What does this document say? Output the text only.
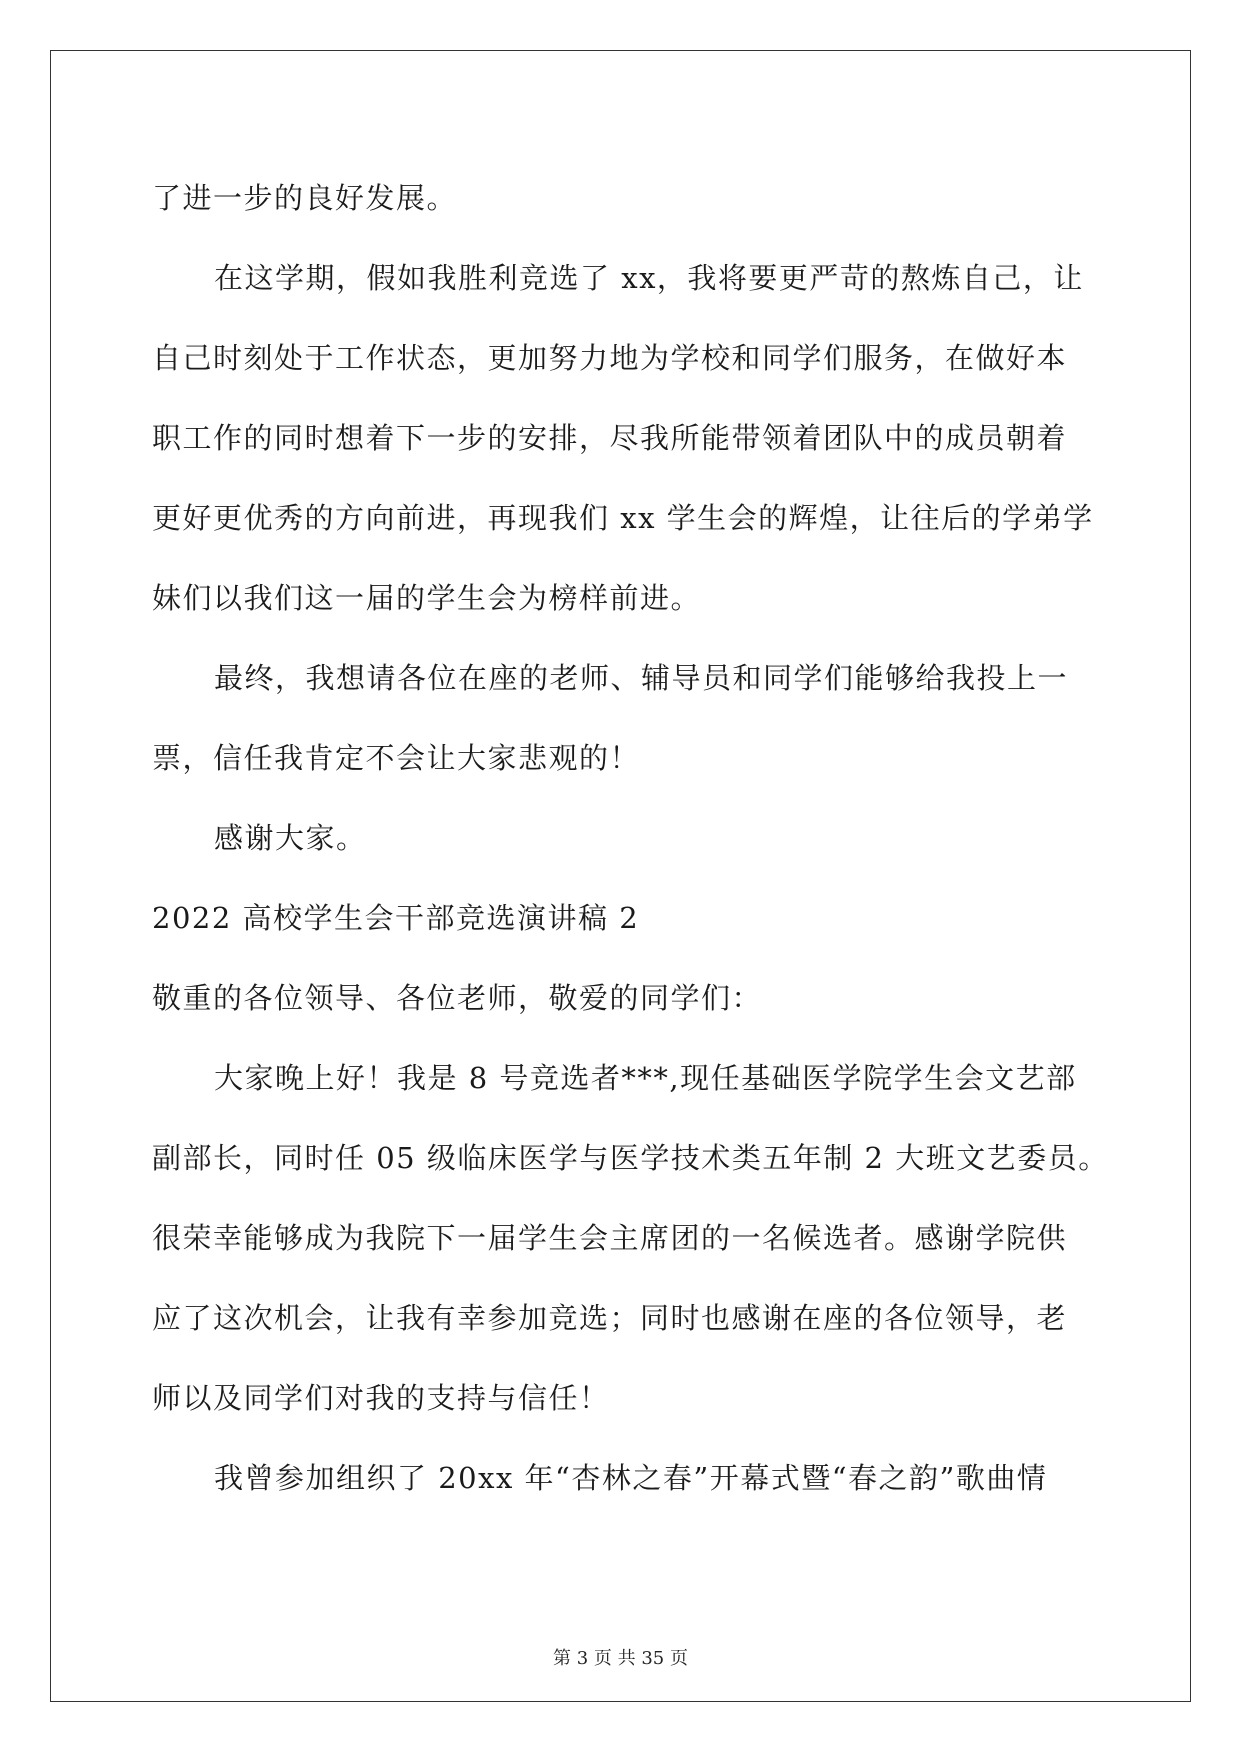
了进一步的良好发展。
在这学期，假如我胜利竞选了 xx，我将要更严苛的熬炼自己，让
自己时刻处于工作状态，更加努力地为学校和同学们服务，在做好本
职工作的同时想着下一步的安排，尽我所能带领着团队中的成员朝着
更好更优秀的方向前进，再现我们 xx 学生会的辉煌，让往后的学弟学
妹们以我们这一届的学生会为榜样前进。
最终，我想请各位在座的老师、辅导员和同学们能够给我投上一
票，信任我肯定不会让大家悲观的！
感谢大家。
2022 高校学生会干部竞选演讲稿 2
敬重的各位领导、各位老师，敬爱的同学们：
大家晚上好！我是 8 号竞选者***,现任基础医学院学生会文艺部
副部长，同时任 05 级临床医学与医学技术类五年制 2 大班文艺委员。
很荣幸能够成为我院下一届学生会主席团的一名候选者。感谢学院供
应了这次机会，让我有幸参加竞选；同时也感谢在座的各位领导，老
师以及同学们对我的支持与信任！
我曾参加组织了 20xx 年“杏林之春”开幕式暨“春之韵”歌曲情
第 3 页 共 35 页
